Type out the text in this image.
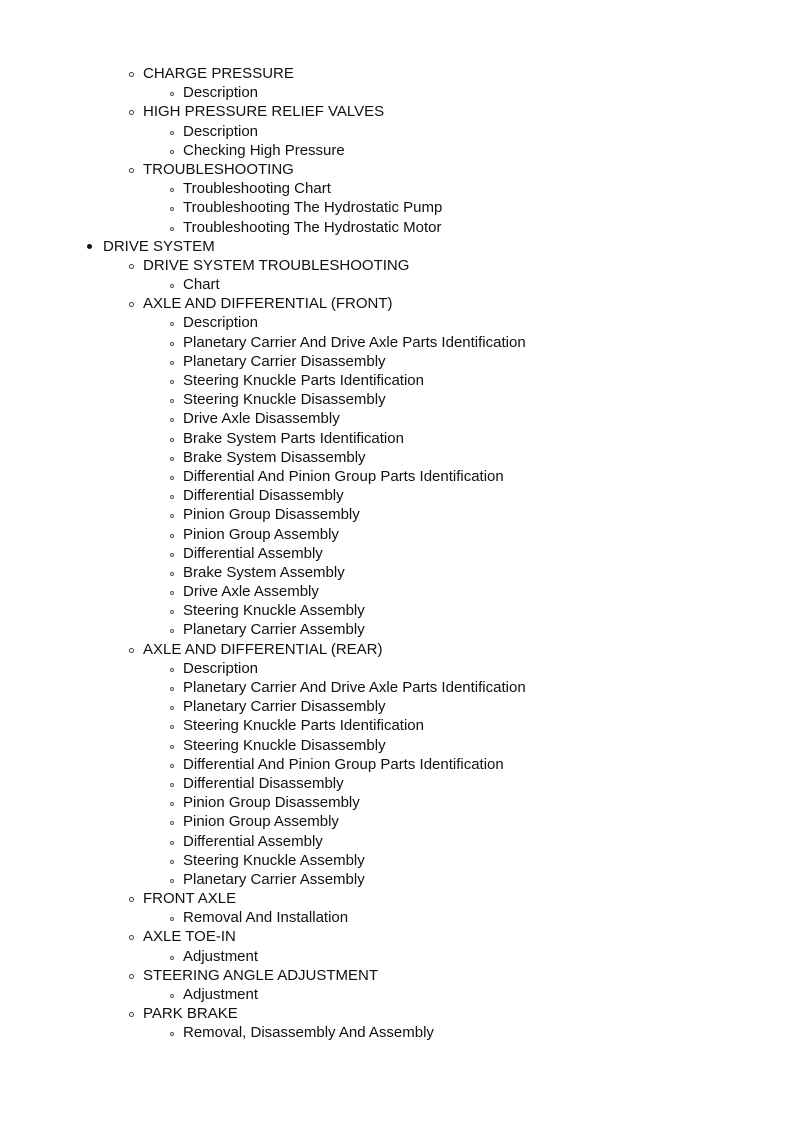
CHARGE PRESSURE
Description
HIGH PRESSURE RELIEF VALVES
Description
Checking High Pressure
TROUBLESHOOTING
Troubleshooting Chart
Troubleshooting The Hydrostatic Pump
Troubleshooting The Hydrostatic Motor
DRIVE SYSTEM
DRIVE SYSTEM TROUBLESHOOTING
Chart
AXLE AND DIFFERENTIAL (FRONT)
Description
Planetary Carrier And Drive Axle Parts Identification
Planetary Carrier Disassembly
Steering Knuckle Parts Identification
Steering Knuckle Disassembly
Drive Axle Disassembly
Brake System Parts Identification
Brake System Disassembly
Differential And Pinion Group Parts Identification
Differential Disassembly
Pinion Group Disassembly
Pinion Group Assembly
Differential Assembly
Brake System Assembly
Drive Axle Assembly
Steering Knuckle Assembly
Planetary Carrier Assembly
AXLE AND DIFFERENTIAL (REAR)
Description
Planetary Carrier And Drive Axle Parts Identification
Planetary Carrier Disassembly
Steering Knuckle Parts Identification
Steering Knuckle Disassembly
Differential And Pinion Group Parts Identification
Differential Disassembly
Pinion Group Disassembly
Pinion Group Assembly
Differential Assembly
Steering Knuckle Assembly
Planetary Carrier Assembly
FRONT AXLE
Removal And Installation
AXLE TOE-IN
Adjustment
STEERING ANGLE ADJUSTMENT
Adjustment
PARK BRAKE
Removal, Disassembly And Assembly
